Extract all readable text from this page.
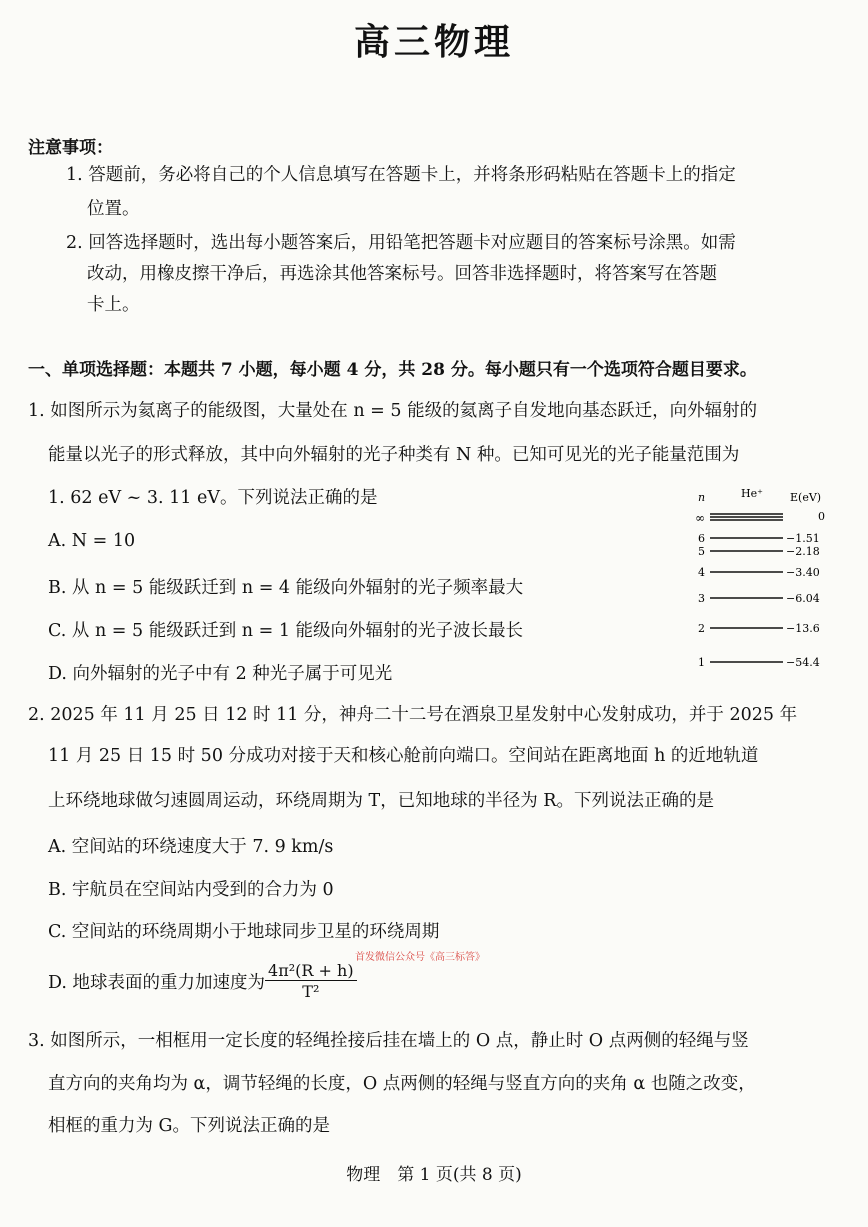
高三物理
注意事项：
1. 答题前，务必将自己的个人信息填写在答题卡上，并将条形码粘贴在答题卡上的指定
位置。
2. 回答选择题时，选出每小题答案后，用铅笔把答题卡对应题目的答案标号涂黑。如需
改动，用橡皮擦干净后，再选涂其他答案标号。回答非选择题时，将答案写在答题
卡上。
一、单项选择题：本题共 7 小题，每小题 4 分，共 28 分。每小题只有一个选项符合题目要求。
1. 如图所示为氦离子的能级图，大量处在 n = 5 能级的氦离子自发地向基态跃迁，向外辐射的
能量以光子的形式释放，其中向外辐射的光子种类有 N 种。已知可见光的光子能量范围为
1. 62 eV ~ 3. 11 eV。下列说法正确的是
A. N = 10
B. 从 n = 5 能级跃迁到 n = 4 能级向外辐射的光子频率最大
C. 从 n = 5 能级跃迁到 n = 1 能级向外辐射的光子波长最长
D. 向外辐射的光子中有 2 种光子属于可见光
n	He⁺ E(eV)
∞
6
5
4
3
2
1
0
−1.51
−2.18
−3.40
−6.04
−13.6
−54.4
2. 2025 年 11 月 25 日 12 时 11 分，神舟二十二号在酒泉卫星发射中心发射成功，并于 2025 年
11 月 25 日 15 时 50 分成功对接于天和核心舱前向端口。空间站在距离地面 h 的近地轨道
上环绕地球做匀速圆周运动，环绕周期为 T，已知地球的半径为 R。下列说法正确的是
A. 空间站的环绕速度大于 7. 9 km/s
B. 宇航员在空间站内受到的合力为 0
C. 空间站的环绕周期小于地球同步卫星的环绕周期
首发微信公众号《高三标答》
D. 地球表面的重力加速度为 $\frac{\text{4π²(R + h)}}{\text{T²}}$
3. 如图所示，一相框用一定长度的轻绳拴接后挂在墙上的 O 点，静止时 O 点两侧的轻绳与竖
直方向的夹角均为 α，调节轻绳的长度，O 点两侧的轻绳与竖直方向的夹角 α 也随之改变，
相框的重力为 G。下列说法正确的是
物理　第 1 页(共 8 页)
